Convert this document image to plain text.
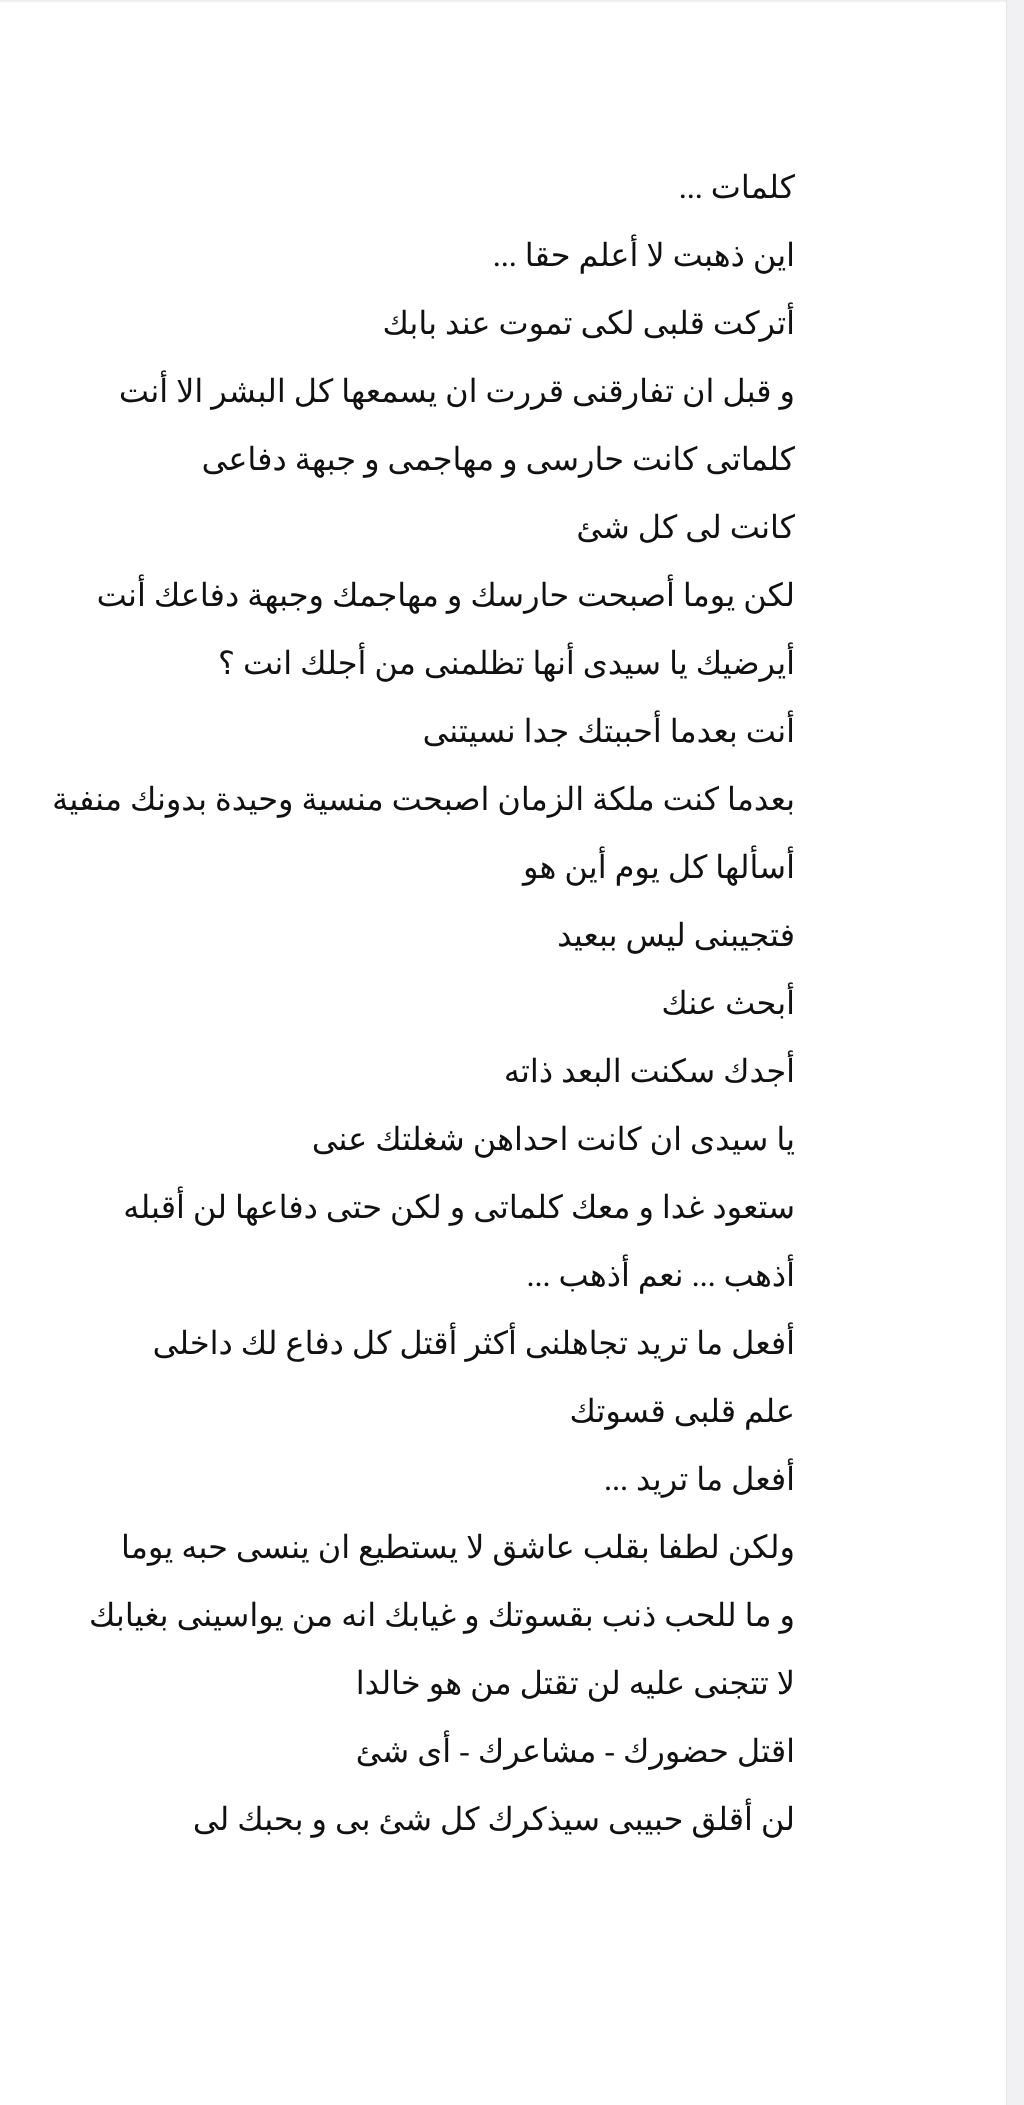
كلمات ...
اين ذهبت لا أعلم حقا ...
أتركت قلبى لكى تموت عند بابك
و قبل ان تفارقنى قررت ان يسمعها كل البشر الا أنت
كلماتى كانت حارسى و مهاجمى و جبهة دفاعى
كانت لى كل شئ
لكن يوما أصبحت حارسك و مهاجمك وجبهة دفاعك أنت
أيرضيك يا سيدى أنها تظلمنى من أجلك انت ؟
أنت بعدما أحببتك جدا نسيتنى
بعدما كنت ملكة الزمان اصبحت منسية وحيدة بدونك منفية
أسألها كل يوم أين هو
فتجيبنى ليس ببعيد
أبحث عنك
أجدك سكنت البعد ذاته
يا سيدى ان كانت احداهن شغلتك عنى
ستعود غدا و معك كلماتى و لكن حتى دفاعها لن أقبله
أذهب ... نعم أذهب ...
أفعل ما تريد تجاهلنى أكثر أقتل كل دفاع لك داخلى
علم قلبى قسوتك
أفعل ما تريد ...
ولكن لطفا بقلب عاشق لا يستطيع ان ينسى حبه يوما
و ما للحب ذنب بقسوتك و غيابك انه من يواسينى بغيابك
لا تتجنى عليه لن تقتل من هو خالدا
اقتل حضورك - مشاعرك - أى شئ
لن أقلق حبيبى سيذكرك كل شئ بى و بحبك لى
